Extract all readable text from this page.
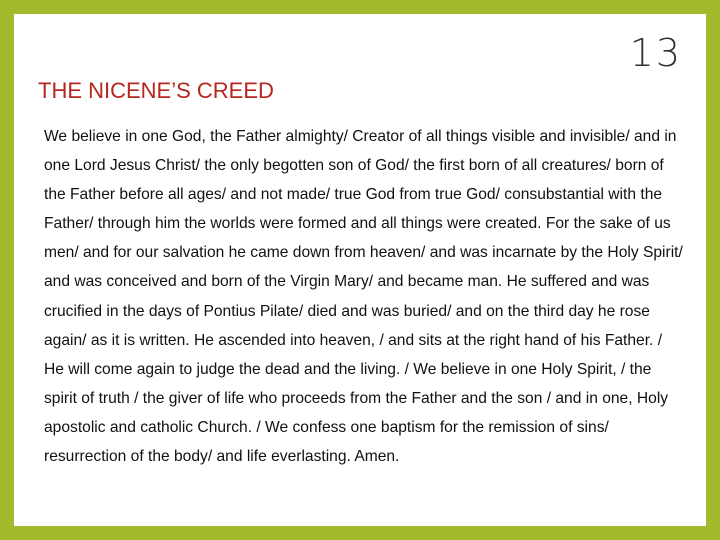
13
THE NICENE’S CREED

We believe in one God, the Father almighty/ Creator of all things visible and invisible/ and in one Lord Jesus Christ/ the only begotten son of God/ the first born of all creatures/ born of the Father before all ages/ and not made/ true God from true God/ consubstantial with the Father/ through him the worlds were formed and all things were created. For the sake of us men/ and for our salvation he came down from heaven/ and was incarnate by the Holy Spirit/ and was conceived and born of the Virgin Mary/ and became man. He suffered and was crucified in the days of Pontius Pilate/ died and was buried/ and on the third day he rose again/ as it is written. He ascended into heaven, / and sits at the right hand of his Father. / He will come again to judge the dead and the living. / We believe in one Holy Spirit, / the spirit of truth / the giver of life who proceeds from the Father and the son / and in one, Holy apostolic and catholic Church. / We confess one baptism for the remission of sins/ resurrection of the body/ and life everlasting. Amen.
